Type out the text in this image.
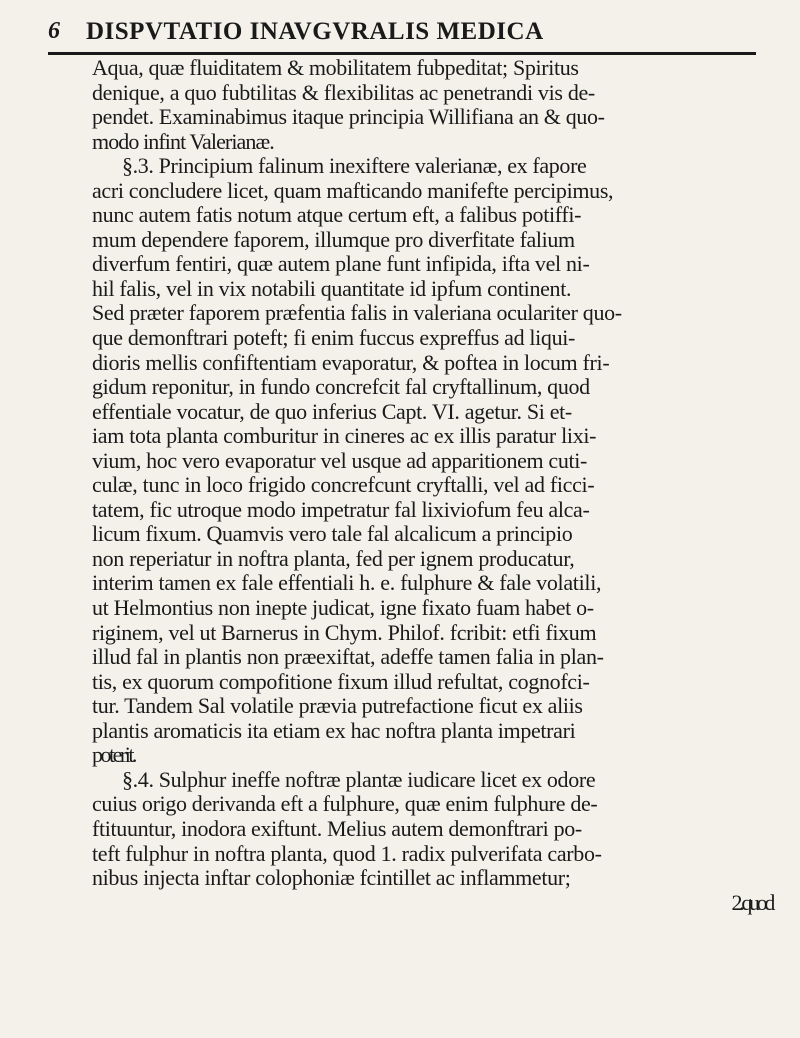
6 DISPVTATIO INAVGVRALIS MEDICA
Aqua, quæ fluiditatem & mobilitatem fubpeditat; Spiritus
denique, a quo fubtilitas & flexibilitas ac penetrandi vis de-
pendet. Examinabimus itaque principia Willifiana an & quo-
modo infint Valerianæ.
§.3. Principium falinum inexiftere valerianæ, ex fapore
acri concludere licet, quam mafticando manifefte percipimus,
nunc autem fatis notum atque certum eft, a falibus potiffi-
mum dependere faporem, illumque pro diverfitate falium
diverfum fentiri, quæ autem plane funt infipida, ifta vel ni-
hil falis, vel in vix notabili quantitate id ipfum continent.
Sed præter faporem præfentia falis in valeriana oculariter quo-
que demonftrari poteft; fi enim fuccus expreffus ad liqui-
dioris mellis confiftentiam evaporatur, & poftea in locum fri-
gidum reponitur, in fundo concrefcit fal cryftallinum, quod
effentiale vocatur, de quo inferius Capt. VI. agetur. Si et-
iam tota planta comburitur in cineres ac ex illis paratur lixi-
vium, hoc vero evaporatur vel usque ad apparitionem cuti-
culæ, tunc in loco frigido concrefcunt cryftalli, vel ad ficci-
tatem, fic utroque modo impetratur fal lixiviofum feu alca-
licum fixum. Quamvis vero tale fal alcalicum a principio
non reperiatur in noftra planta, fed per ignem producatur,
interim tamen ex fale effentiali h. e. fulphure & fale volatili,
ut Helmontius non inepte judicat, igne fixato fuam habet o-
riginem, vel ut Barnerus in Chym. Philof. fcribit: etfi fixum
illud fal in plantis non præexiftat, adeffe tamen falia in plan-
tis, ex quorum compofitione fixum illud refultat, cognofci-
tur. Tandem Sal volatile prævia putrefactione ficut ex aliis
plantis aromaticis ita etiam ex hac noftra planta impetrari
poterit.
§.4. Sulphur ineffe noftræ plantæ iudicare licet ex odore
cuius origo derivanda eft a fulphure, quæ enim fulphure de-
ftituuntur, inodora exiftunt. Melius autem demonftrari po-
teft fulphur in noftra planta, quod 1. radix pulverifata carbo-
nibus injecta inftar colophoniæ fcintillet ac inflammetur;
2.quod
